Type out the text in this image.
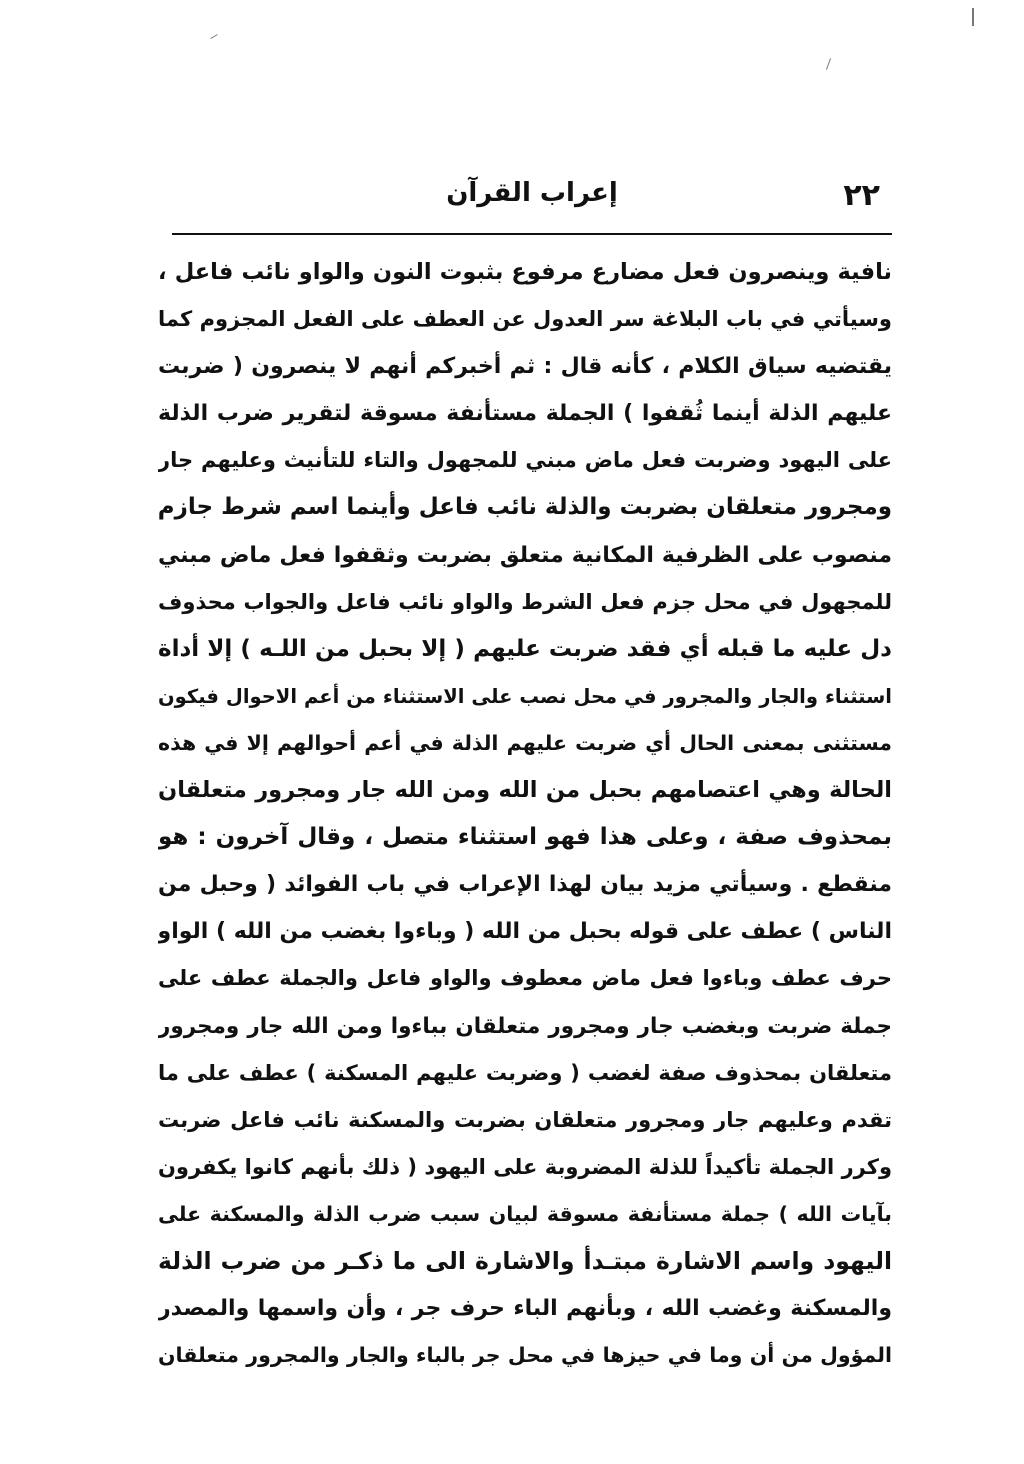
٢٢
إعراب القرآن
نافية وينصرون فعل مضارع مرفوع بثبوت النون والواو نائب فاعل ،
وسيأتي في باب البلاغة سر العدول عن العطف على الفعل المجزوم كما
يقتضيه سياق الكلام ، كأنه قال : ثم أخبركم أنهم لا ينصرون ( ضربت
عليهم الذلة أينما ثُقفوا ) الجملة مستأنفة مسوقة لتقرير ضرب الذلة
على اليهود وضربت فعل ماض مبني للمجهول والتاء للتأنيث وعليهم جار
ومجرور متعلقان بضربت والذلة نائب فاعل وأينما اسم شرط جازم
منصوب على الظرفية المكانية متعلق بضربت وثقفوا فعل ماض مبني
للمجهول في محل جزم فعل الشرط والواو نائب فاعل والجواب محذوف
دل عليه ما قبله أي فقد ضربت عليهم ( إلا بحبل من اللـه ) إلا أداة
استثناء والجار والمجرور في محل نصب على الاستثناء من أعم الاحوال فيكون
مستثنى بمعنى الحال أي ضربت عليهم الذلة في أعم أحوالهم إلا في هذه
الحالة وهي اعتصامهم بحبل من الله ومن الله جار ومجرور متعلقان
بمحذوف صفة ، وعلى هذا فهو استثناء متصل ، وقال آخرون : هو
منقطع . وسيأتي مزيد بيان لهذا الإعراب في باب الفوائد ( وحبل من
الناس ) عطف على قوله بحبل من الله ( وباءوا بغضب من الله ) الواو
حرف عطف وباءوا فعل ماض معطوف والواو فاعل والجملة عطف على
جملة ضربت وبغضب جار ومجرور متعلقان بباءوا ومن الله جار ومجرور
متعلقان بمحذوف صفة لغضب ( وضربت عليهم المسكنة ) عطف على ما
تقدم وعليهم جار ومجرور متعلقان بضربت والمسكنة نائب فاعل ضربت
وكرر الجملة تأكيداً للذلة المضروبة على اليهود ( ذلك بأنهم كانوا يكفرون
بآيات الله ) جملة مستأنفة مسوقة لبيان سبب ضرب الذلة والمسكنة على
اليهود واسم الاشارة مبتـدأ والاشارة الى ما ذكـر من ضرب الذلة
والمسكنة وغضب الله ، وبأنهم الباء حرف جر ، وأن واسمها والمصدر
المؤول من أن وما في حيزها في محل جر بالباء والجار والمجرور متعلقان
